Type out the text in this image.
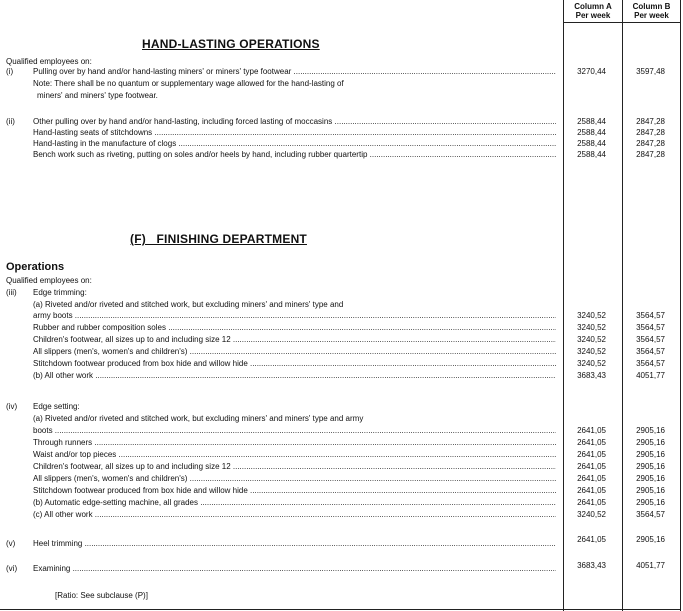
Column A
Per week
Column B
Per week
HAND-LASTING OPERATIONS
Qualified employees on:
(i) Pulling over by hand and/or hand-lasting miners' or miners' type footwear .....	3270,44	3597,48
Note: There shall be no quantum or supplementary wage allowed for the hand-lasting of
miners' and miners' type footwear.
(ii) Other pulling over by hand and/or hand-lasting, including forced lasting of moccasins .....	2588,44	2847,28
Hand-lasting seats of stitchdowns .....	2588,44	2847,28
Hand-lasting in the manufacture of clogs .....	2588,44	2847,28
Bench work such as riveting, putting on soles and/or heels by hand, including rubber quartertip .....	2588,44	2847,28
(F)   FINISHING DEPARTMENT
Operations
Qualified employees on:
(iii) Edge trimming:
(a) Riveted and/or riveted and stitched work, but excluding miners' and miners' type and
army boots .....	3240,52	3564,57
Rubber and rubber composition soles .....	3240,52	3564,57
Children's footwear, all sizes up to and including size 12 .....	3240,52	3564,57
All slippers (men's, women's and children's) .....	3240,52	3564,57
Stitchdown footwear produced from box hide and willow hide .....	3240,52	3564,57
(b) All other work .....	3683,43	4051,77
(iv) Edge setting:
(a) Riveted and/or riveted and stitched work, but excluding miners' and miners' type and army
boots .....	2641,05	2905,16
Through runners .....	2641,05	2905,16
Waist and/or top pieces .....	2641,05	2905,16
Children's footwear, all sizes up to and including size 12 .....	2641,05	2905,16
All slippers (men's, women's and children's) .....	2641,05	2905,16
Stitchdown footwear produced from box hide and willow hide .....	2641,05	2905,16
(b) Automatic edge-setting machine, all grades .....	2641,05	2905,16
(c) All other work .....	3240,52	3564,57
(v) Heel trimming .....	2641,05	2905,16
(vi) Examining .....	3683,43	4051,77
[Ratio: See subclause (P)]
